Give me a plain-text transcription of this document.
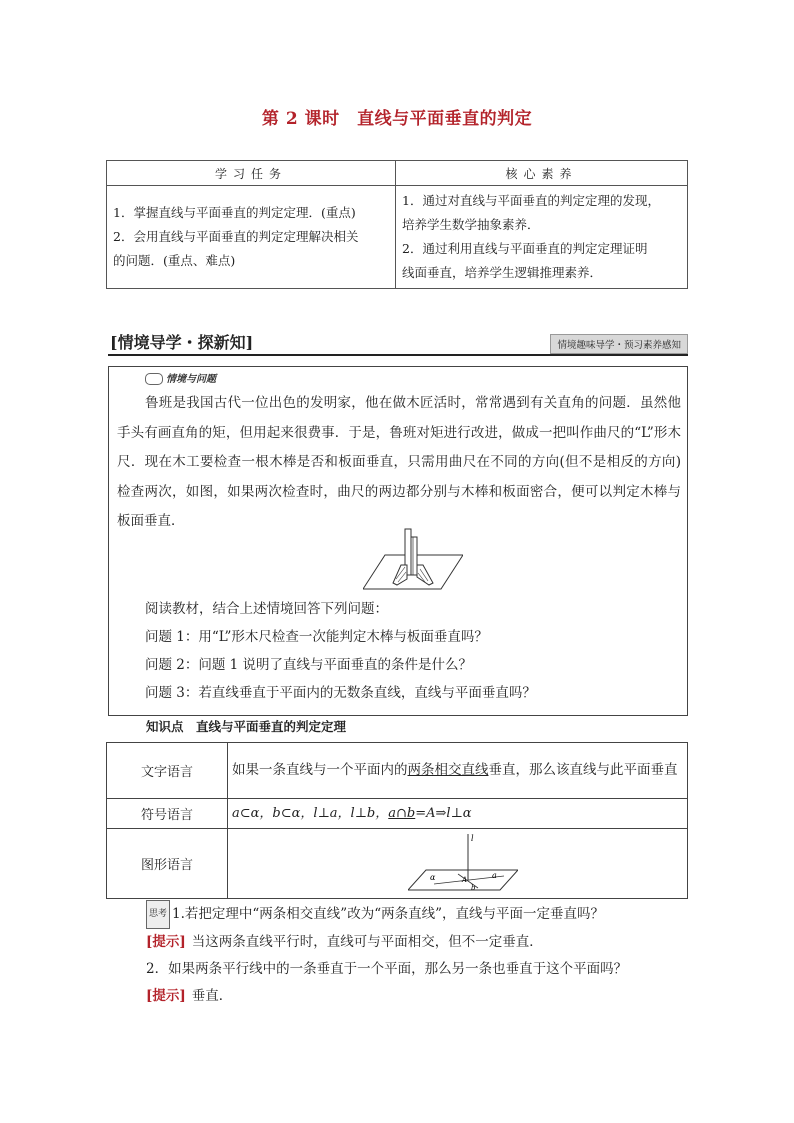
第 2 课时　直线与平面垂直的判定
学习任务	核心素养

1．掌握直线与平面垂直的判定定理．(重点)
2．会用直线与平面垂直的判定定理解决相关
的问题．(重点、难点)	1．通过对直线与平面垂直的判定定理的发现，
培养学生数学抽象素养．
2．通过利用直线与平面垂直的判定定理证明
线面垂直，培养学生逻辑推理素养．
[情境导学・探新知]	情境趣味导学・预习素养感知
情境与问题
鲁班是我国古代一位出色的发明家，他在做木匠活时，常常遇到有关直角的问题．虽然他手头有画直角的矩，但用起来很费事．于是，鲁班对矩进行改进，做成一把叫作曲尺的“L”形木尺．现在木工要检查一根木棒是否和板面垂直，只需用曲尺在不同的方向(但不是相反的方向)检查两次，如图，如果两次检查时，曲尺的两边都分别与木棒和板面密合，便可以判定木棒与板面垂直．
阅读教材，结合上述情境回答下列问题：
问题 1：用“L”形木尺检查一次能判定木棒与板面垂直吗？
问题 2：问题 1 说明了直线与平面垂直的条件是什么？
问题 3：若直线垂直于平面内的无数条直线，直线与平面垂直吗？
知识点　直线与平面垂直的判定定理
文字语言	如果一条直线与一个平面内的两条相交直线垂直，那么该直线与此平面垂直
符号语言	a⊂α，b⊂α，l⊥a，l⊥b，a∩b=A⇒l⊥α
图形语言	l
α a
A
b
思考 1.若把定理中“两条相交直线”改为“两条直线”，直线与平面一定垂直吗？
[提示] 当这两条直线平行时，直线可与平面相交，但不一定垂直．
2．如果两条平行线中的一条垂直于一个平面，那么另一条也垂直于这个平面吗？
[提示] 垂直．
